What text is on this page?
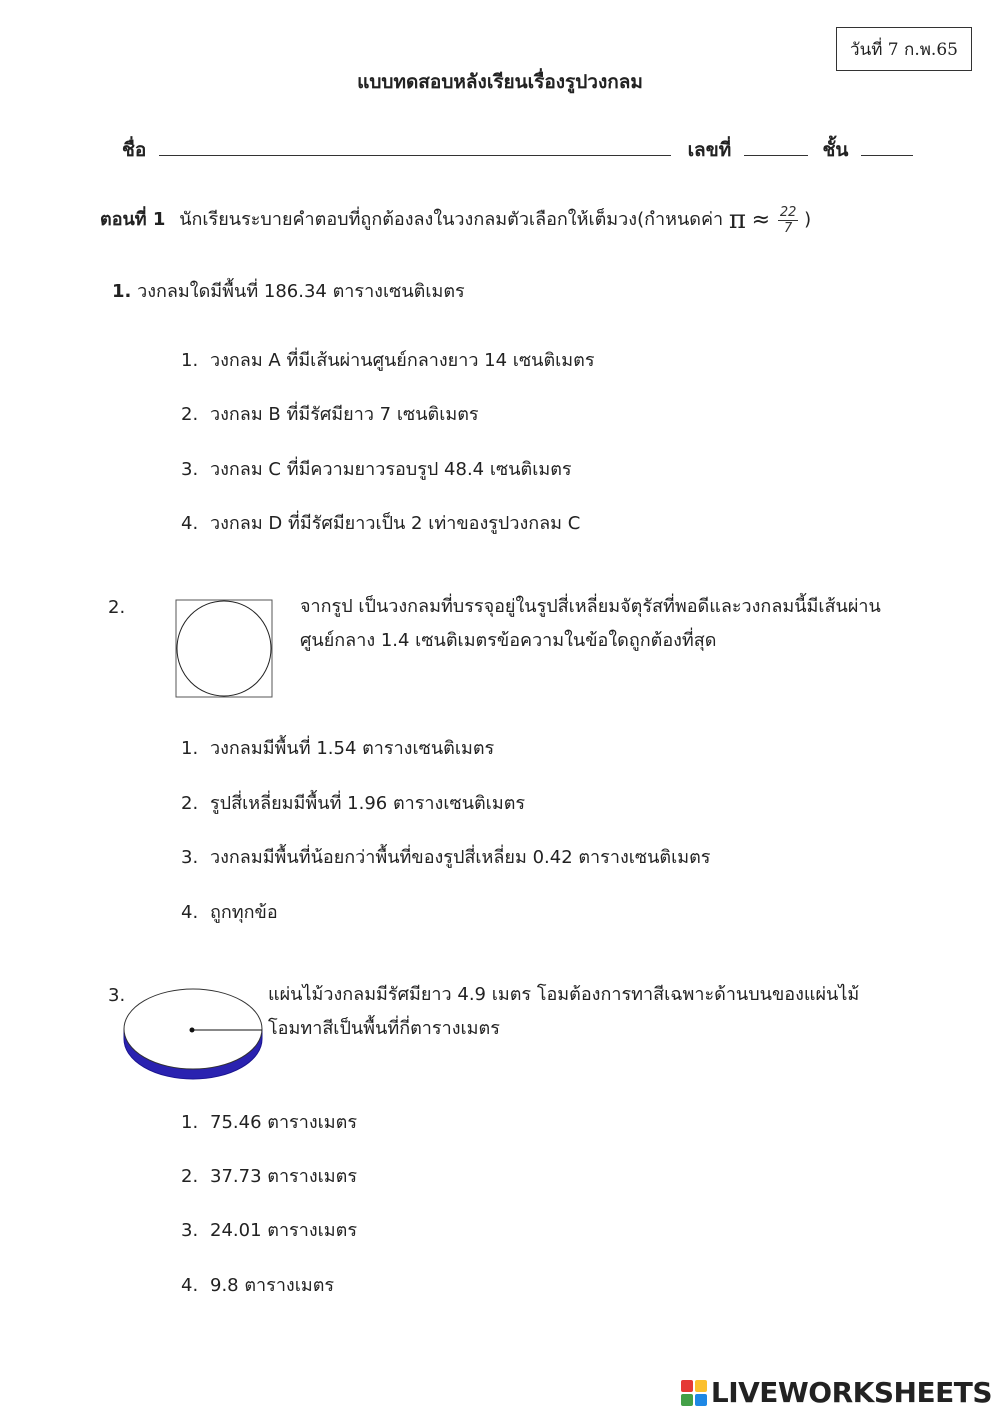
วันที่ 7 ก.พ.65
แบบทดสอบหลังเรียนเรื่องรูปวงกลม
ชื่อ	เลขที่	ชั้น
ตอนที่ 1 นักเรียนระบายคำตอบที่ถูกต้องลงในวงกลมตัวเลือกให้เต็มวง(กำหนดค่า $\pi \approx \frac{22}{7}$ )
1. วงกลมใดมีพื้นที่ 186.34 ตารางเซนติเมตร
1. วงกลม A ที่มีเส้นผ่านศูนย์กลางยาว 14 เซนติเมตร
2. วงกลม B ที่มีรัศมียาว 7 เซนติเมตร
3. วงกลม C ที่มีความยาวรอบรูป 48.4 เซนติเมตร
4. วงกลม D ที่มีรัศมียาวเป็น 2 เท่าของรูปวงกลม C
2.	จากรูป เป็นวงกลมที่บรรจุอยู่ในรูปสี่เหลี่ยมจัตุรัสที่พอดีและวงกลมนี้มีเส้นผ่าน
ศูนย์กลาง 1.4 เซนติเมตรข้อความในข้อใดถูกต้องที่สุด
1. วงกลมมีพื้นที่ 1.54 ตารางเซนติเมตร
2. รูปสี่เหลี่ยมมีพื้นที่ 1.96 ตารางเซนติเมตร
3. วงกลมมีพื้นที่น้อยกว่าพื้นที่ของรูปสี่เหลี่ยม 0.42 ตารางเซนติเมตร
4. ถูกทุกข้อ
3.	แผ่นไม้วงกลมมีรัศมียาว 4.9 เมตร โอมต้องการทาสีเฉพาะด้านบนของแผ่นไม้
โอมทาสีเป็นพื้นที่กี่ตารางเมตร
1. 75.46 ตารางเมตร
2. 37.73 ตารางเมตร
3. 24.01 ตารางเมตร
4. 9.8 ตารางเมตร
LIVE WORKSHEETS
